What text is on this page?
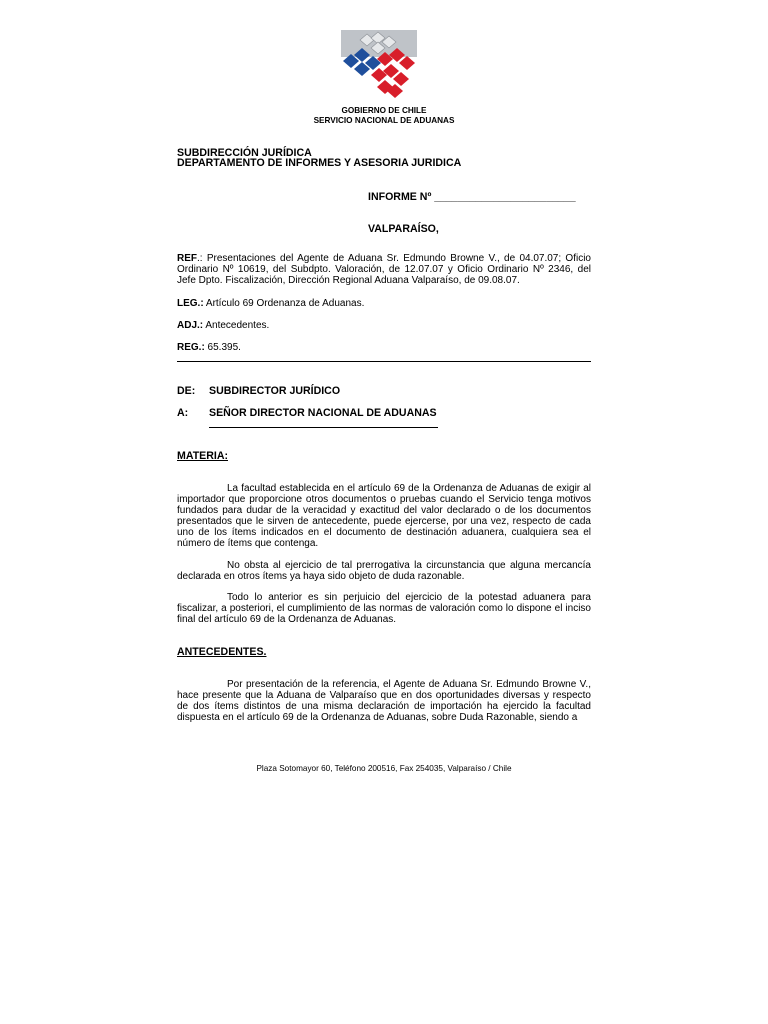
GOBIERNO DE CHILE
SERVICIO NACIONAL DE ADUANAS
SUBDIRECCIÓN JURÍDICA
DEPARTAMENTO DE INFORMES Y ASESORIA JURIDICA
INFORME Nº ________________________
VALPARAÍSO,
REF.: Presentaciones del Agente de Aduana Sr. Edmundo Browne V., de 04.07.07; Oficio Ordinario Nº 10619, del Subdpto. Valoración, de 12.07.07 y Oficio Ordinario Nº 2346, del Jefe Dpto. Fiscalización, Dirección Regional Aduana Valparaíso, de 09.08.07.
LEG.: Artículo 69 Ordenanza de Aduanas.
ADJ.: Antecedentes.
REG.: 65.395.
DE: SUBDIRECTOR JURÍDICO
A: SEÑOR DIRECTOR NACIONAL DE ADUANAS
MATERIA:
La facultad establecida en el artículo 69 de la Ordenanza de Aduanas de exigir al importador que proporcione otros documentos o pruebas cuando el Servicio tenga motivos fundados para dudar de la veracidad y exactitud del valor declarado o de los documentos presentados que le sirven de antecedente, puede ejercerse, por una vez, respecto de cada uno de los ítems indicados en el documento de destinación aduanera, cualquiera sea el número de ítems que contenga.
No obsta al ejercicio de tal prerrogativa la circunstancia que alguna mercancía declarada en otros ítems ya haya sido objeto de duda razonable.
Todo lo anterior es sin perjuicio del ejercicio de la potestad aduanera para fiscalizar, a posteriori, el cumplimiento de las normas de valoración como lo dispone el inciso final del artículo 69 de la Ordenanza de Aduanas.
ANTECEDENTES.
Por presentación de la referencia, el Agente de Aduana Sr. Edmundo Browne V., hace presente que la Aduana de Valparaíso que en dos oportunidades diversas y respecto de dos ítems distintos de una misma declaración de importación ha ejercido la facultad dispuesta en el artículo 69 de la Ordenanza de Aduanas, sobre Duda Razonable, siendo a
Plaza Sotomayor 60, Teléfono 200516, Fax 254035, Valparaíso / Chile
